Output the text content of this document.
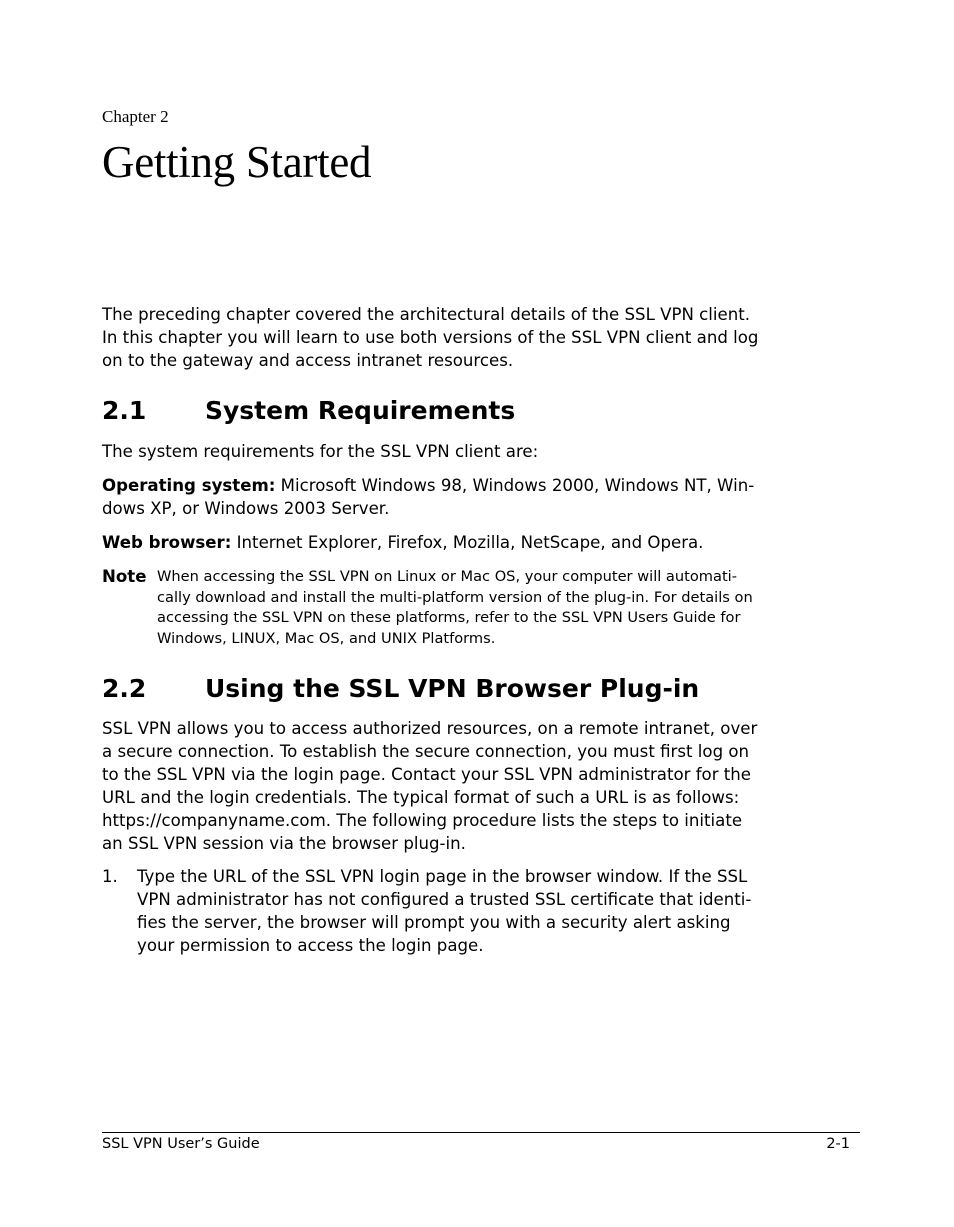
Chapter 2
Getting Started

The preceding chapter covered the architectural details of the SSL VPN client.
In this chapter you will learn to use both versions of the SSL VPN client and log
on to the gateway and access intranet resources.

2.1 System Requirements

The system requirements for the SSL VPN client are:

Operating system: Microsoft Windows 98, Windows 2000, Windows NT, Win-
dows XP, or Windows 2003 Server.

Web browser: Internet Explorer, Firefox, Mozilla, NetScape, and Opera.

Note When accessing the SSL VPN on Linux or Mac OS, your computer will automati-
cally download and install the multi-platform version of the plug-in. For details on
accessing the SSL VPN on these platforms, refer to the SSL VPN Users Guide for
Windows, LINUX, Mac OS, and UNIX Platforms.

2.2 Using the SSL VPN Browser Plug-in

SSL VPN allows you to access authorized resources, on a remote intranet, over
a secure connection. To establish the secure connection, you must first log on
to the SSL VPN via the login page. Contact your SSL VPN administrator for the
URL and the login credentials. The typical format of such a URL is as follows:
https://companyname.com. The following procedure lists the steps to initiate
an SSL VPN session via the browser plug-in.

1. Type the URL of the SSL VPN login page in the browser window. If the SSL
VPN administrator has not configured a trusted SSL certificate that identi-
fies the server, the browser will prompt you with a security alert asking
your permission to access the login page.

SSL VPN User’s Guide	2-1
